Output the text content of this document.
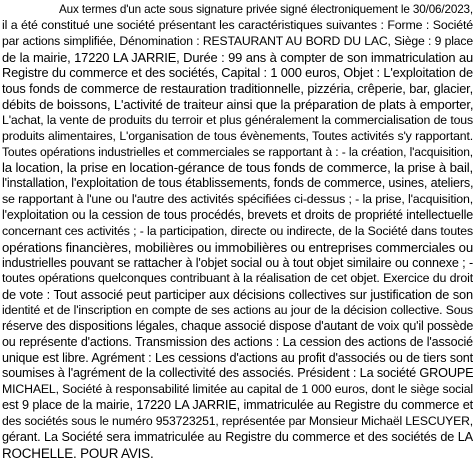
Aux termes d'un acte sous signature privée signé électroniquement le 30/06/2023,
il a été constitué une société présentant les caractéristiques suivantes : Forme : Société
par actions simplifiée, Dénomination : RESTAURANT AU BORD DU LAC, Siège : 9 place
de la mairie, 17220 LA JARRIE, Durée : 99 ans à compter de son immatriculation au
Registre du commerce et des sociétés, Capital : 1 000 euros, Objet : L'exploitation de
tous fonds de commerce de restauration traditionnelle, pizzéria, crêperie, bar, glacier,
débits de boissons, L'activité de traiteur ainsi que la préparation de plats à emporter,
L'achat, la vente de produits du terroir et plus généralement la commercialisation de tous
produits alimentaires, L'organisation de tous évènements, Toutes activités s'y rapportant.
Toutes opérations industrielles et commerciales se rapportant à : - la création, l'acquisition,
la location, la prise en location-gérance de tous fonds de commerce, la prise à bail,
l'installation, l'exploitation de tous établissements, fonds de commerce, usines, ateliers,
se rapportant à l'une ou l'autre des activités spécifiées ci-dessus ; - la prise, l'acquisition,
l'exploitation ou la cession de tous procédés, brevets et droits de propriété intellectuelle
concernant ces activités ; - la participation, directe ou indirecte, de la Société dans toutes
opérations financières, mobilières ou immobilières ou entreprises commerciales ou
industrielles pouvant se rattacher à l'objet social ou à tout objet similaire ou connexe ; -
toutes opérations quelconques contribuant à la réalisation de cet objet. Exercice du droit
de vote : Tout associé peut participer aux décisions collectives sur justification de son
identité et de l'inscription en compte de ses actions au jour de la décision collective. Sous
réserve des dispositions légales, chaque associé dispose d'autant de voix qu'il possède
ou représente d'actions. Transmission des actions : La cession des actions de l'associé
unique est libre. Agrément : Les cessions d'actions au profit d'associés ou de tiers sont
soumises à l'agrément de la collectivité des associés. Président : La société GROUPE
MICHAEL, Société à responsabilité limitée au capital de 1 000 euros, dont le siège social
est 9 place de la mairie, 17220 LA JARRIE, immatriculée au Registre du commerce et
des sociétés sous le numéro 953723251, représentée par Monsieur Michaël LESCUYER,
gérant. La Société sera immatriculée au Registre du commerce et des sociétés de LA
ROCHELLE. POUR AVIS.
